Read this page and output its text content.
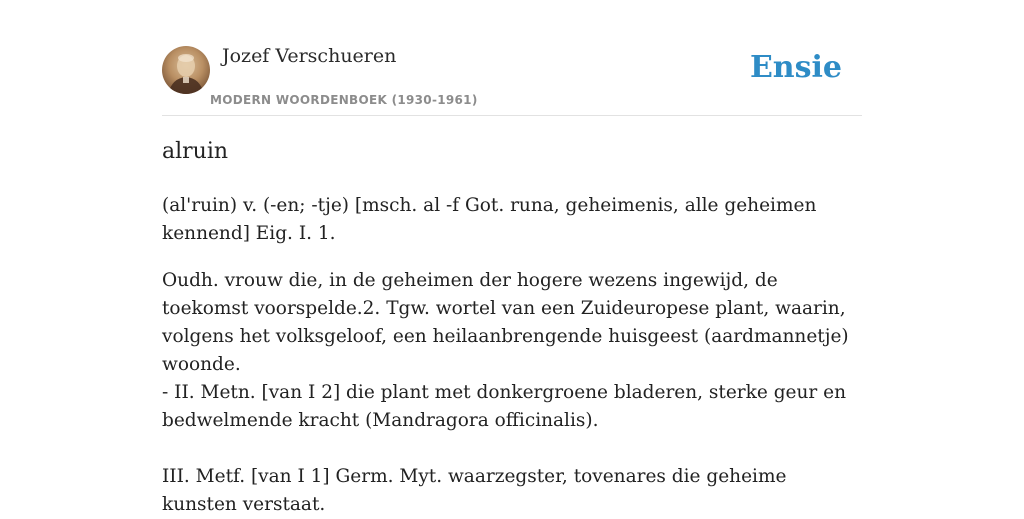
Jozef Verschueren
MODERN WOORDENBOEK (1930-1961)
Ensie
alruin

(al'ruin) v. (-en; -tje) [msch. al -f Got. runa, geheimenis, alle geheimen kennend] Eig. I. 1.

Oudh. vrouw die, in de geheimen der hogere wezens ingewijd, de toekomst voorspelde.2. Tgw. wortel van een Zuideuropese plant, waarin, volgens het volksgeloof, een heilaanbrengende huisgeest (aardmannetje) woonde.
- II. Metn. [van I 2] die plant met donkergroene bladeren, sterke geur en bedwelmende kracht (Mandragora officinalis).

III. Metf. [van I 1] Germ. Myt. waarzegster, tovenares die geheime kunsten verstaat.
